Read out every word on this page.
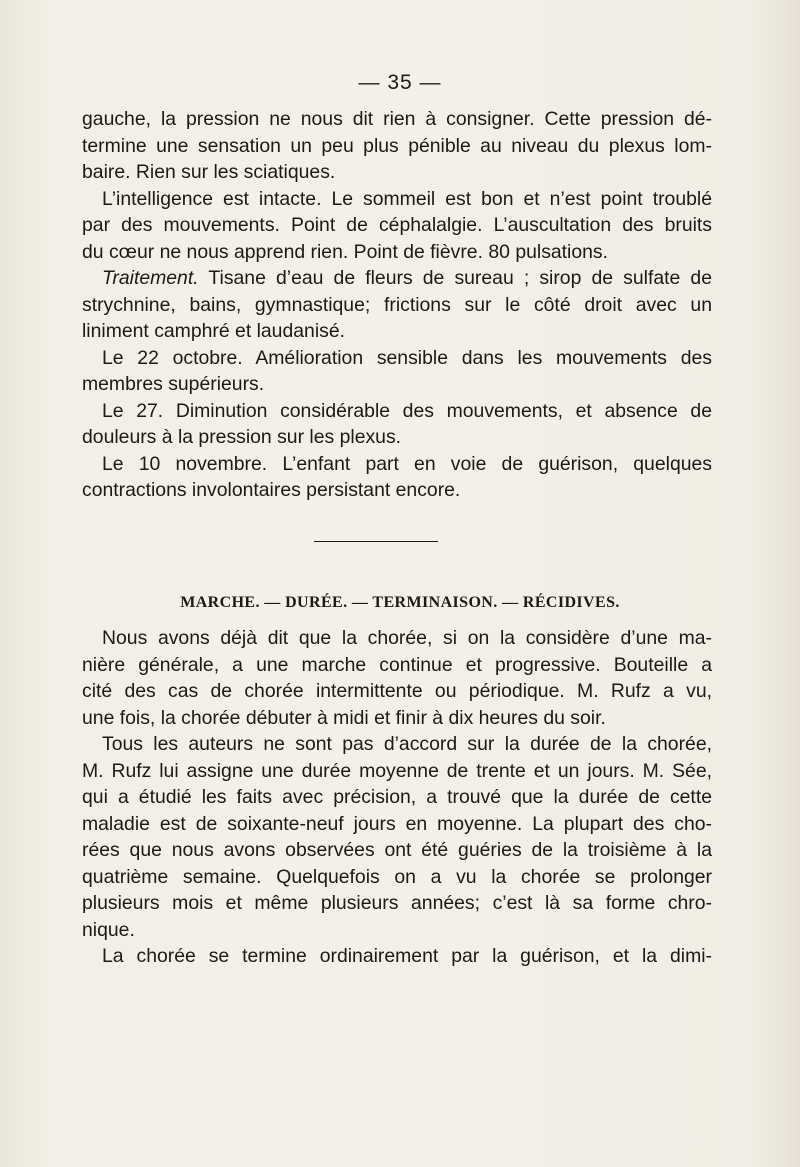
— 35 —

gauche, la pression ne nous dit rien à consigner. Cette pression dé-

termine une sensation un peu plus pénible au niveau du plexus lom-

baire. Rien sur les sciatiques.

L’intelligence est intacte. Le sommeil est bon et n’est point troublé

par des mouvements. Point de céphalalgie. L’auscultation des bruits

du cœur ne nous apprend rien. Point de fièvre. 80 pulsations.

Traitement. Tisane d’eau de fleurs de sureau ; sirop de sulfate de

strychnine, bains, gymnastique; frictions sur le côté droit avec un

liniment camphré et laudanisé.

Le 22 octobre. Amélioration sensible dans les mouvements des

membres supérieurs.

Le 27. Diminution considérable des mouvements, et absence de

douleurs à la pression sur les plexus.

Le 10 novembre. L’enfant part en voie de guérison, quelques

contractions involontaires persistant encore.

MARCHE. — DURÉE. — TERMINAISON. — RÉCIDIVES.

Nous avons déjà dit que la chorée, si on la considère d’une ma-

nière générale, a une marche continue et progressive. Bouteille a

cité des cas de chorée intermittente ou périodique. M. Rufz a vu,

une fois, la chorée débuter à midi et finir à dix heures du soir.

Tous les auteurs ne sont pas d’accord sur la durée de la chorée,

M. Rufz lui assigne une durée moyenne de trente et un jours. M. Sée,

qui a étudié les faits avec précision, a trouvé que la durée de cette

maladie est de soixante-neuf jours en moyenne. La plupart des cho-

rées que nous avons observées ont été guéries de la troisième à la

quatrième semaine. Quelquefois on a vu la chorée se prolonger

plusieurs mois et même plusieurs années; c’est là sa forme chro-

nique.

La chorée se termine ordinairement par la guérison, et la dimi-
